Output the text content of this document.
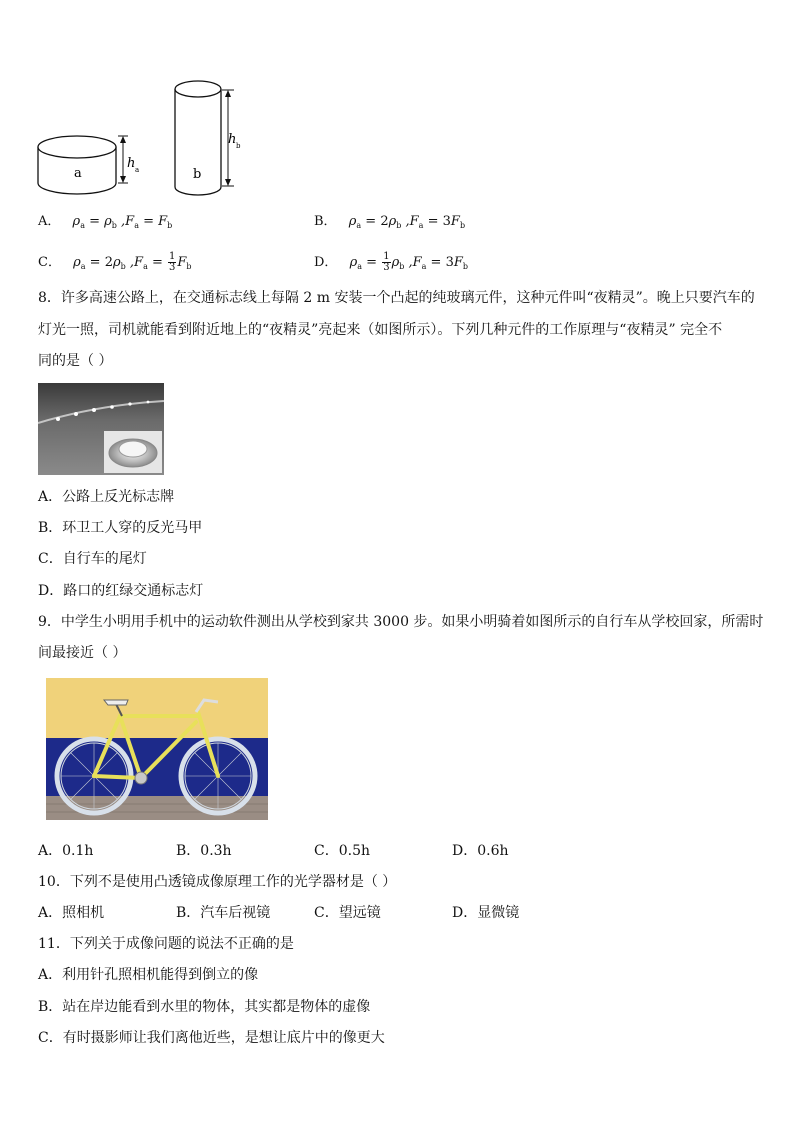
a
h a	b
h b
A． $\rho_a = \rho_b$ $,F_a = F_b$	B． $\rho_a = 2\rho_b$ $,F_a = 3F_b$
C． $\rho_a = 2\rho_b$ $,F_a = \frac{1}{3} F_b$	D． $\rho_a = \frac{1}{3} \rho_b$ $,F_a = 3F_b$
8．许多高速公路上，在交通标志线上每隔 2 m 安装一个凸起的纯玻璃元件，这种元件叫“夜精灵”。晚上只要汽车的
灯光一照，司机就能看到附近地上的“夜精灵”亮起来（如图所示）。下列几种元件的工作原理与“夜精灵” 完全不
同的是（ ）
A．公路上反光标志牌
B．环卫工人穿的反光马甲
C．自行车的尾灯
D．路口的红绿交通标志灯
9．中学生小明用手机中的运动软件测出从学校到家共 3000 步。如果小明骑着如图所示的自行车从学校回家，所需时
间最接近（ ）
A．0.1h	B．0.3h	C．0.5h	D．0.6h
10．下列不是使用凸透镜成像原理工作的光学器材是（ ）
A．照相机	B．汽车后视镜	C．望远镜	D．显微镜
11．下列关于成像问题的说法不正确的是
A．利用针孔照相机能得到倒立的像
B．站在岸边能看到水里的物体，其实都是物体的虚像
C．有时摄影师让我们离他近些，是想让底片中的像更大
